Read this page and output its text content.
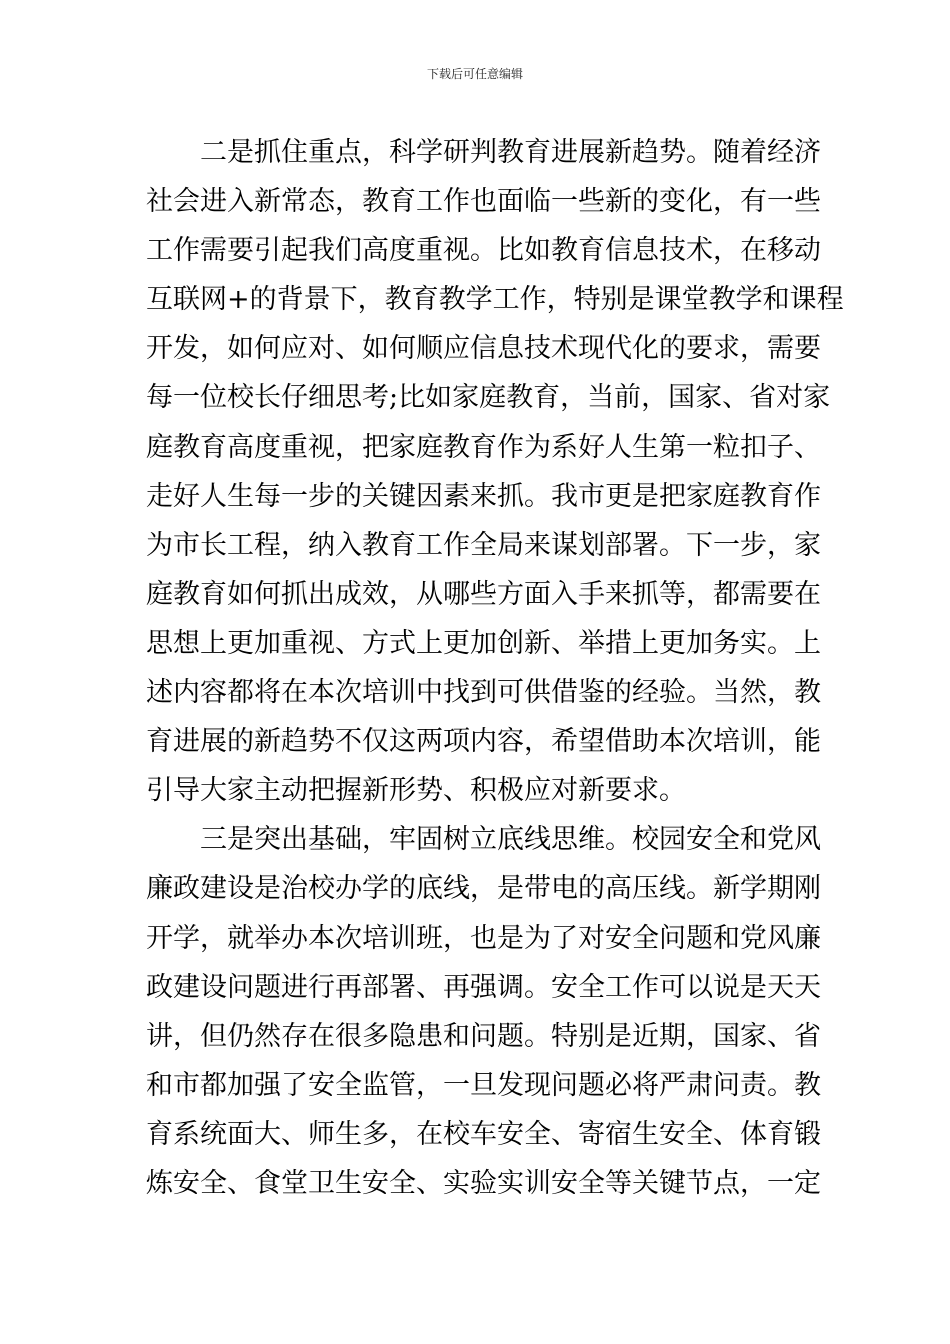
下载后可任意编辑
二是抓住重点，科学研判教育进展新趋势。随着经济
社会进入新常态，教育工作也面临一些新的变化，有一些
工作需要引起我们高度重视。比如教育信息技术，在移动
互联网+的背景下，教育教学工作，特别是课堂教学和课程
开发，如何应对、如何顺应信息技术现代化的要求，需要
每一位校长仔细思考;比如家庭教育，当前，国家、省对家
庭教育高度重视，把家庭教育作为系好人生第一粒扣子、
走好人生每一步的关键因素来抓。我市更是把家庭教育作
为市长工程，纳入教育工作全局来谋划部署。下一步，家
庭教育如何抓出成效，从哪些方面入手来抓等，都需要在
思想上更加重视、方式上更加创新、举措上更加务实。上
述内容都将在本次培训中找到可供借鉴的经验。当然，教
育进展的新趋势不仅这两项内容，希望借助本次培训，能
引导大家主动把握新形势、积极应对新要求。
三是突出基础，牢固树立底线思维。校园安全和党风
廉政建设是治校办学的底线，是带电的高压线。新学期刚
开学，就举办本次培训班，也是为了对安全问题和党风廉
政建设问题进行再部署、再强调。安全工作可以说是天天
讲，但仍然存在很多隐患和问题。特别是近期，国家、省
和市都加强了安全监管，一旦发现问题必将严肃问责。教
育系统面大、师生多，在校车安全、寄宿生安全、体育锻
炼安全、食堂卫生安全、实验实训安全等关键节点，一定
